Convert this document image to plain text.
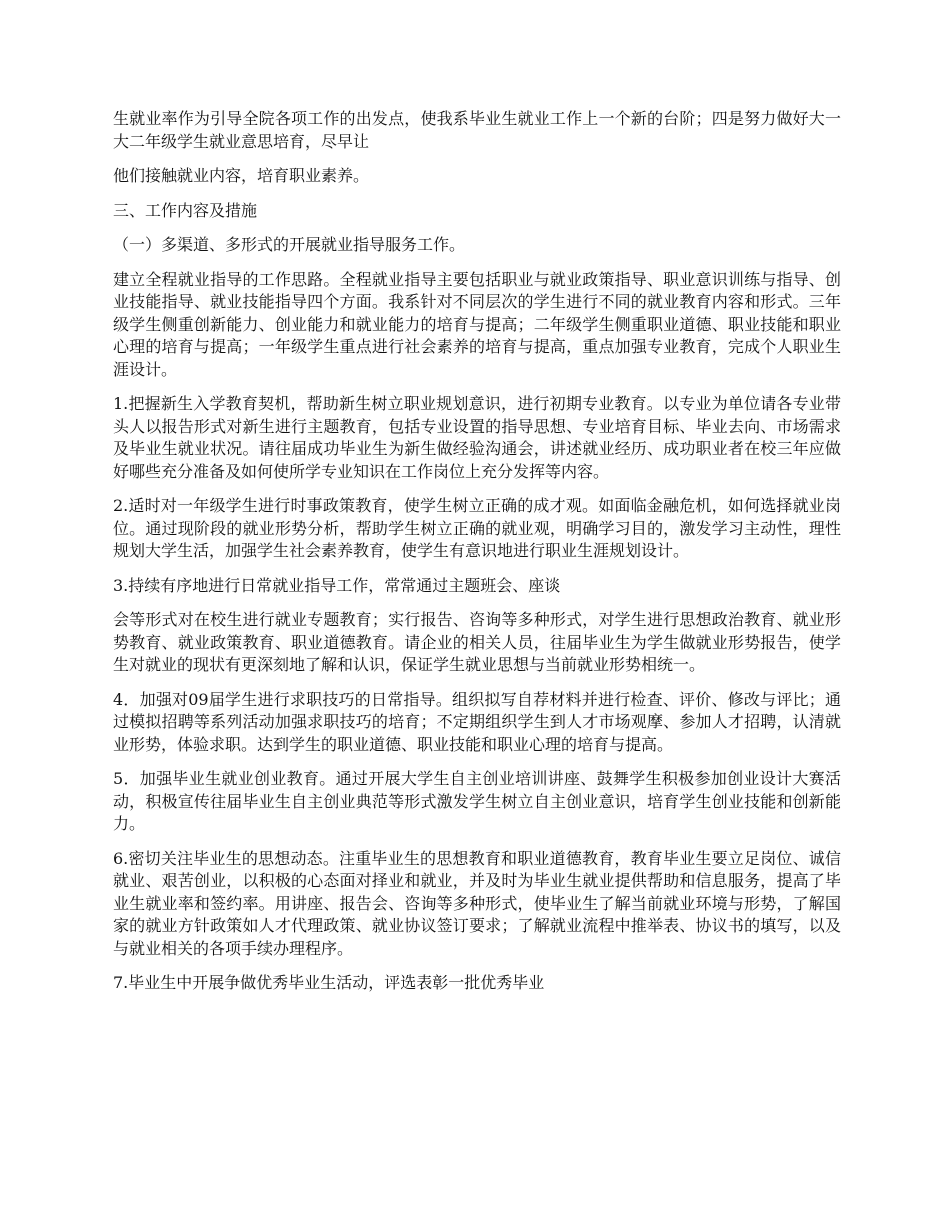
生就业率作为引导全院各项工作的出发点，使我系毕业生就业工作上一个新的台阶；四是努力做好大一大二年级学生就业意思培育，尽早让

他们接触就业内容，培育职业素养。

三、工作内容及措施

（一）多渠道、多形式的开展就业指导服务工作。

建立全程就业指导的工作思路。全程就业指导主要包括职业与就业政策指导、职业意识训练与指导、创业技能指导、就业技能指导四个方面。我系针对不同层次的学生进行不同的就业教育内容和形式。三年级学生侧重创新能力、创业能力和就业能力的培育与提高；二年级学生侧重职业道德、职业技能和职业心理的培育与提高；一年级学生重点进行社会素养的培育与提高，重点加强专业教育，完成个人职业生涯设计。

1.把握新生入学教育契机，帮助新生树立职业规划意识，进行初期专业教育。以专业为单位请各专业带头人以报告形式对新生进行主题教育，包括专业设置的指导思想、专业培育目标、毕业去向、市场需求及毕业生就业状况。请往届成功毕业生为新生做经验沟通会，讲述就业经历、成功职业者在校三年应做好哪些充分准备及如何使所学专业知识在工作岗位上充分发挥等内容。

2.适时对一年级学生进行时事政策教育，使学生树立正确的成才观。如面临金融危机，如何选择就业岗位。通过现阶段的就业形势分析，帮助学生树立正确的就业观，明确学习目的，激发学习主动性，理性规划大学生活，加强学生社会素养教育，使学生有意识地进行职业生涯规划设计。

3.持续有序地进行日常就业指导工作，常常通过主题班会、座谈

会等形式对在校生进行就业专题教育；实行报告、咨询等多种形式，对学生进行思想政治教育、就业形势教育、就业政策教育、职业道德教育。请企业的相关人员，往届毕业生为学生做就业形势报告，使学生对就业的现状有更深刻地了解和认识，保证学生就业思想与当前就业形势相统一。

4．加强对09届学生进行求职技巧的日常指导。组织拟写自荐材料并进行检查、评价、修改与评比；通过模拟招聘等系列活动加强求职技巧的培育；不定期组织学生到人才市场观摩、参加人才招聘，认清就业形势，体验求职。达到学生的职业道德、职业技能和职业心理的培育与提高。

5．加强毕业生就业创业教育。通过开展大学生自主创业培训讲座、鼓舞学生积极参加创业设计大赛活动，积极宣传往届毕业生自主创业典范等形式激发学生树立自主创业意识，培育学生创业技能和创新能力。

6.密切关注毕业生的思想动态。注重毕业生的思想教育和职业道德教育，教育毕业生要立足岗位、诚信就业、艰苦创业，以积极的心态面对择业和就业，并及时为毕业生就业提供帮助和信息服务，提高了毕业生就业率和签约率。用讲座、报告会、咨询等多种形式，使毕业生了解当前就业环境与形势，了解国家的就业方针政策如人才代理政策、就业协议签订要求；了解就业流程中推举表、协议书的填写，以及与就业相关的各项手续办理程序。

7.毕业生中开展争做优秀毕业生活动，评选表彰一批优秀毕业
